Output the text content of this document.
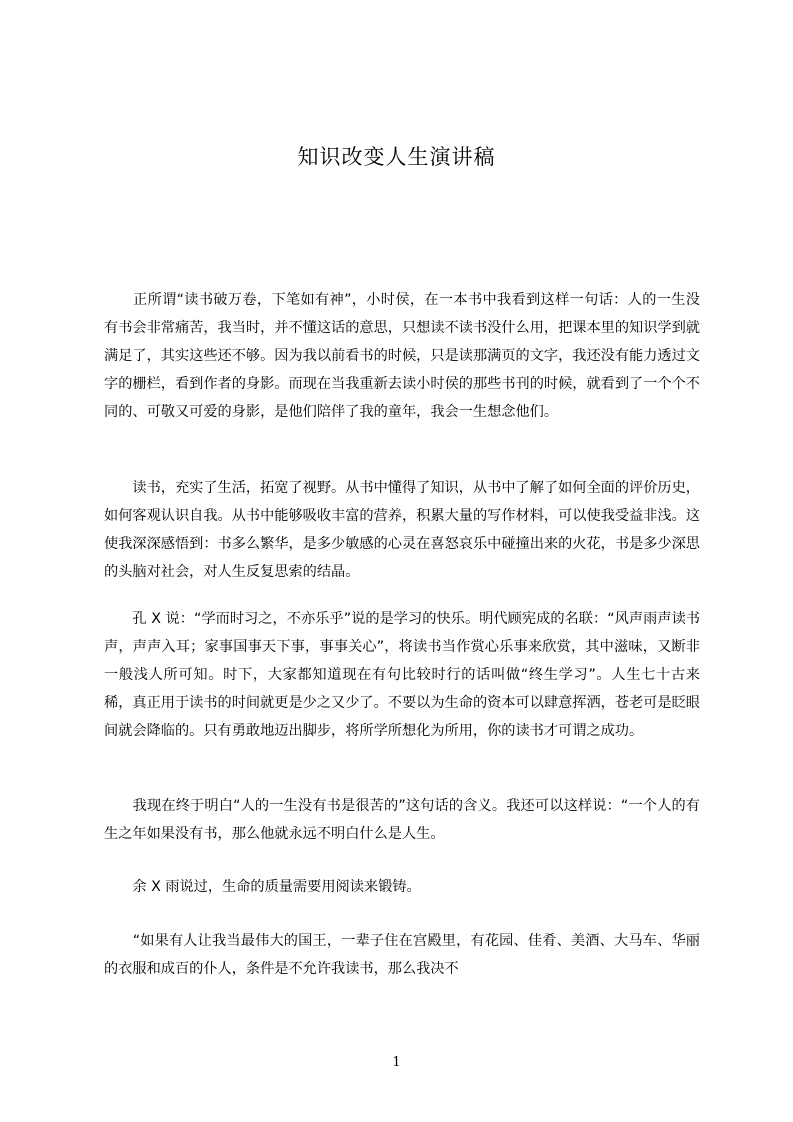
知识改变人生演讲稿

　　正所谓“读书破万卷，下笔如有神”，小时侯，在一本书中我看到这样一句话：人的一生没有书会非常痛苦，我当时，并不懂这话的意思，只想读不读书没什么用，把课本里的知识学到就满足了，其实这些还不够。因为我以前看书的时候，只是读那满页的文字，我还没有能力透过文字的栅栏，看到作者的身影。而现在当我重新去读小时侯的那些书刊的时候，就看到了一个个不同的、可敬又可爱的身影，是他们陪伴了我的童年，我会一生想念他们。

　　读书，充实了生活，拓宽了视野。从书中懂得了知识，从书中了解了如何全面的评价历史，如何客观认识自我。从书中能够吸收丰富的营养，积累大量的写作材料，可以使我受益非浅。这使我深深感悟到：书多么繁华，是多少敏感的心灵在喜怒哀乐中碰撞出来的火花，书是多少深思的头脑对社会，对人生反复思索的结晶。

　　孔 X 说：“学而时习之，不亦乐乎”说的是学习的快乐。明代顾宪成的名联：“风声雨声读书声，声声入耳；家事国事天下事，事事关心”，将读书当作赏心乐事来欣赏，其中滋味，又断非一般浅人所可知。时下，大家都知道现在有句比较时行的话叫做“终生学习”。人生七十古来稀，真正用于读书的时间就更是少之又少了。不要以为生命的资本可以肆意挥洒，苍老可是眨眼间就会降临的。只有勇敢地迈出脚步，将所学所想化为所用，你的读书才可谓之成功。

　　我现在终于明白“人的一生没有书是很苦的”这句话的含义。我还可以这样说：“一个人的有生之年如果没有书，那么他就永远不明白什么是人生。

　　余 X 雨说过，生命的质量需要用阅读来锻铸。

　　“如果有人让我当最伟大的国王，一辈子住在宫殿里，有花园、佳肴、美酒、大马车、华丽的衣服和成百的仆人，条件是不允许我读书，那么我决不

1
